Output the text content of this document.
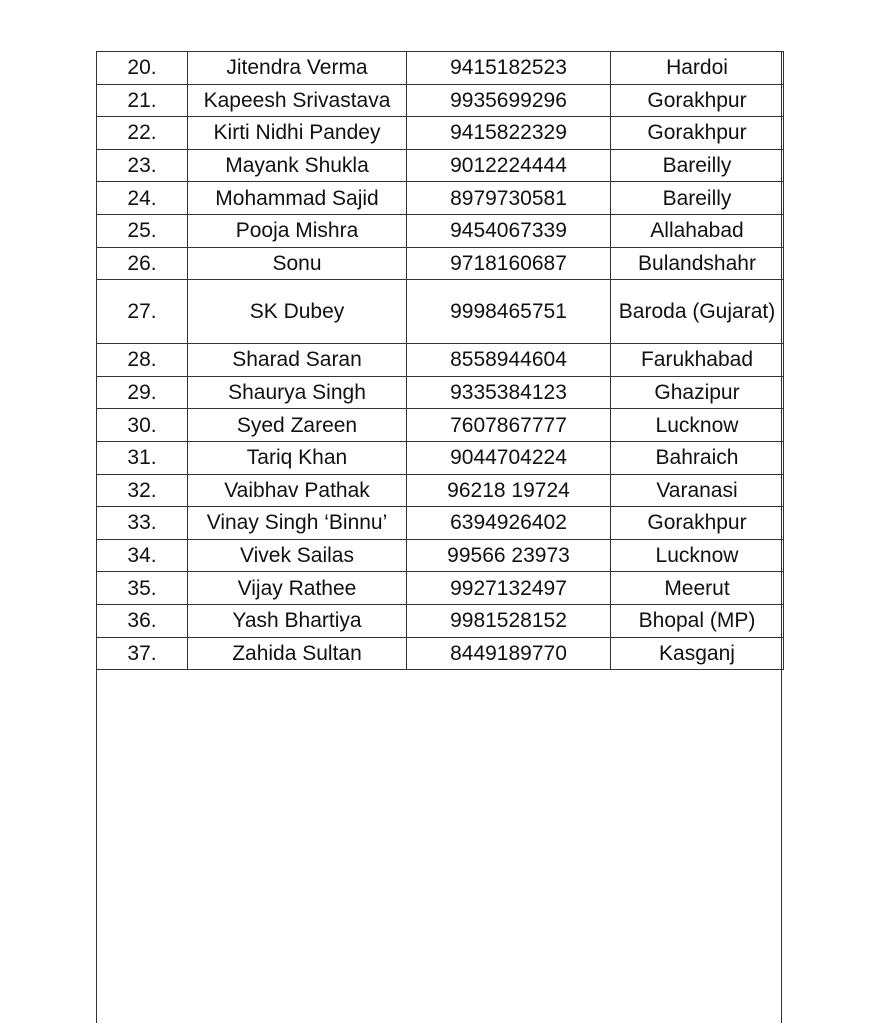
20.	Jitendra Verma	9415182523	Hardoi
21.	Kapeesh Srivastava	9935699296	Gorakhpur
22.	Kirti Nidhi Pandey	9415822329	Gorakhpur
23.	Mayank Shukla	9012224444	Bareilly
24.	Mohammad Sajid	8979730581	Bareilly
25.	Pooja Mishra	9454067339	Allahabad
26.	Sonu	9718160687	Bulandshahr
27.	SK Dubey	9998465751	Baroda (Gujarat)
28.	Sharad Saran	8558944604	Farukhabad
29.	Shaurya Singh	9335384123	Ghazipur
30.	Syed Zareen	7607867777	Lucknow
31.	Tariq Khan	9044704224	Bahraich
32.	Vaibhav Pathak	96218 19724	Varanasi
33.	Vinay Singh ‘Binnu’	6394926402	Gorakhpur
34.	Vivek Sailas	99566 23973	Lucknow
35.	Vijay Rathee	9927132497	Meerut
36.	Yash Bhartiya	9981528152	Bhopal (MP)
37.	Zahida Sultan	8449189770	Kasganj
